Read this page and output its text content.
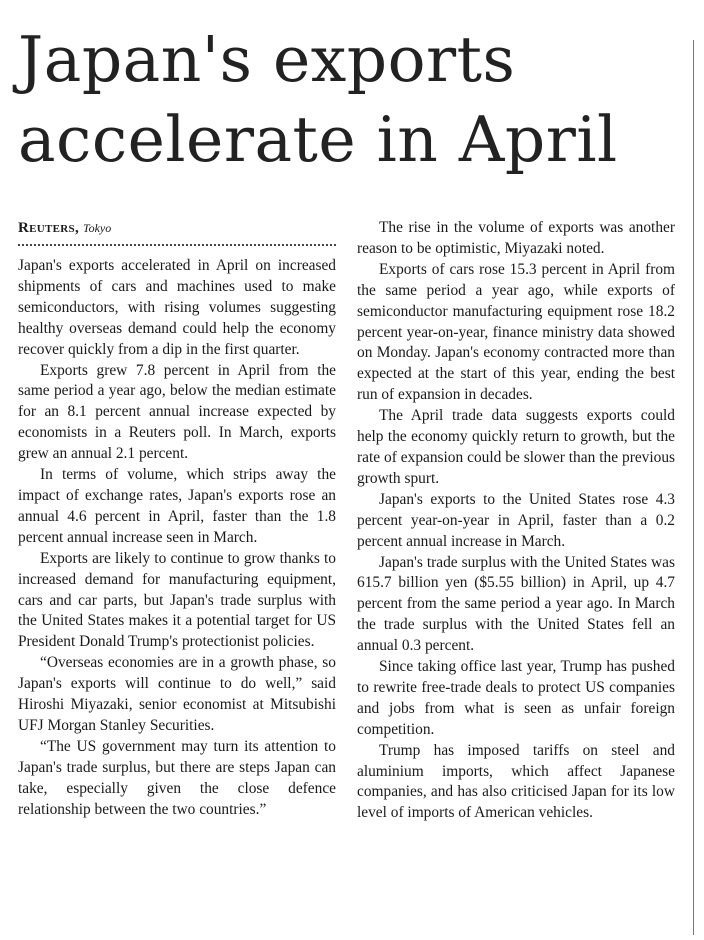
Japan's exports
accelerate in April
Reuters, Tokyo

Japan's exports accelerated in April on increased shipments of cars and machines used to make semiconductors, with rising volumes suggesting healthy overseas demand could help the economy recover quickly from a dip in the first quarter.

Exports grew 7.8 percent in April from the same period a year ago, below the median estimate for an 8.1 percent annual increase expected by economists in a Reuters poll. In March, exports grew an annual 2.1 percent.

In terms of volume, which strips away the impact of exchange rates, Japan's exports rose an annual 4.6 percent in April, faster than the 1.8 percent annual increase seen in March.

Exports are likely to continue to grow thanks to increased demand for manufacturing equipment, cars and car parts, but Japan's trade surplus with the United States makes it a potential target for US President Donald Trump's protectionist policies.

“Overseas economies are in a growth phase, so Japan's exports will continue to do well,” said Hiroshi Miyazaki, senior economist at Mitsubishi UFJ Morgan Stanley Securities.

“The US government may turn its attention to Japan's trade surplus, but there are steps Japan can take, especially given the close defence relationship between the two countries.”

The rise in the volume of exports was another reason to be optimistic, Miyazaki noted.

Exports of cars rose 15.3 percent in April from the same period a year ago, while exports of semiconductor manufacturing equipment rose 18.2 percent year-on-year, finance ministry data showed on Monday. Japan's economy contracted more than expected at the start of this year, ending the best run of expansion in decades.

The April trade data suggests exports could help the economy quickly return to growth, but the rate of expansion could be slower than the previous growth spurt.

Japan's exports to the United States rose 4.3 percent year-on-year in April, faster than a 0.2 percent annual increase in March.

Japan's trade surplus with the United States was 615.7 billion yen ($5.55 billion) in April, up 4.7 percent from the same period a year ago. In March the trade surplus with the United States fell an annual 0.3 percent.

Since taking office last year, Trump has pushed to rewrite free-trade deals to protect US companies and jobs from what is seen as unfair foreign competition.

Trump has imposed tariffs on steel and aluminium imports, which affect Japanese companies, and has also criticised Japan for its low level of imports of American vehicles.
